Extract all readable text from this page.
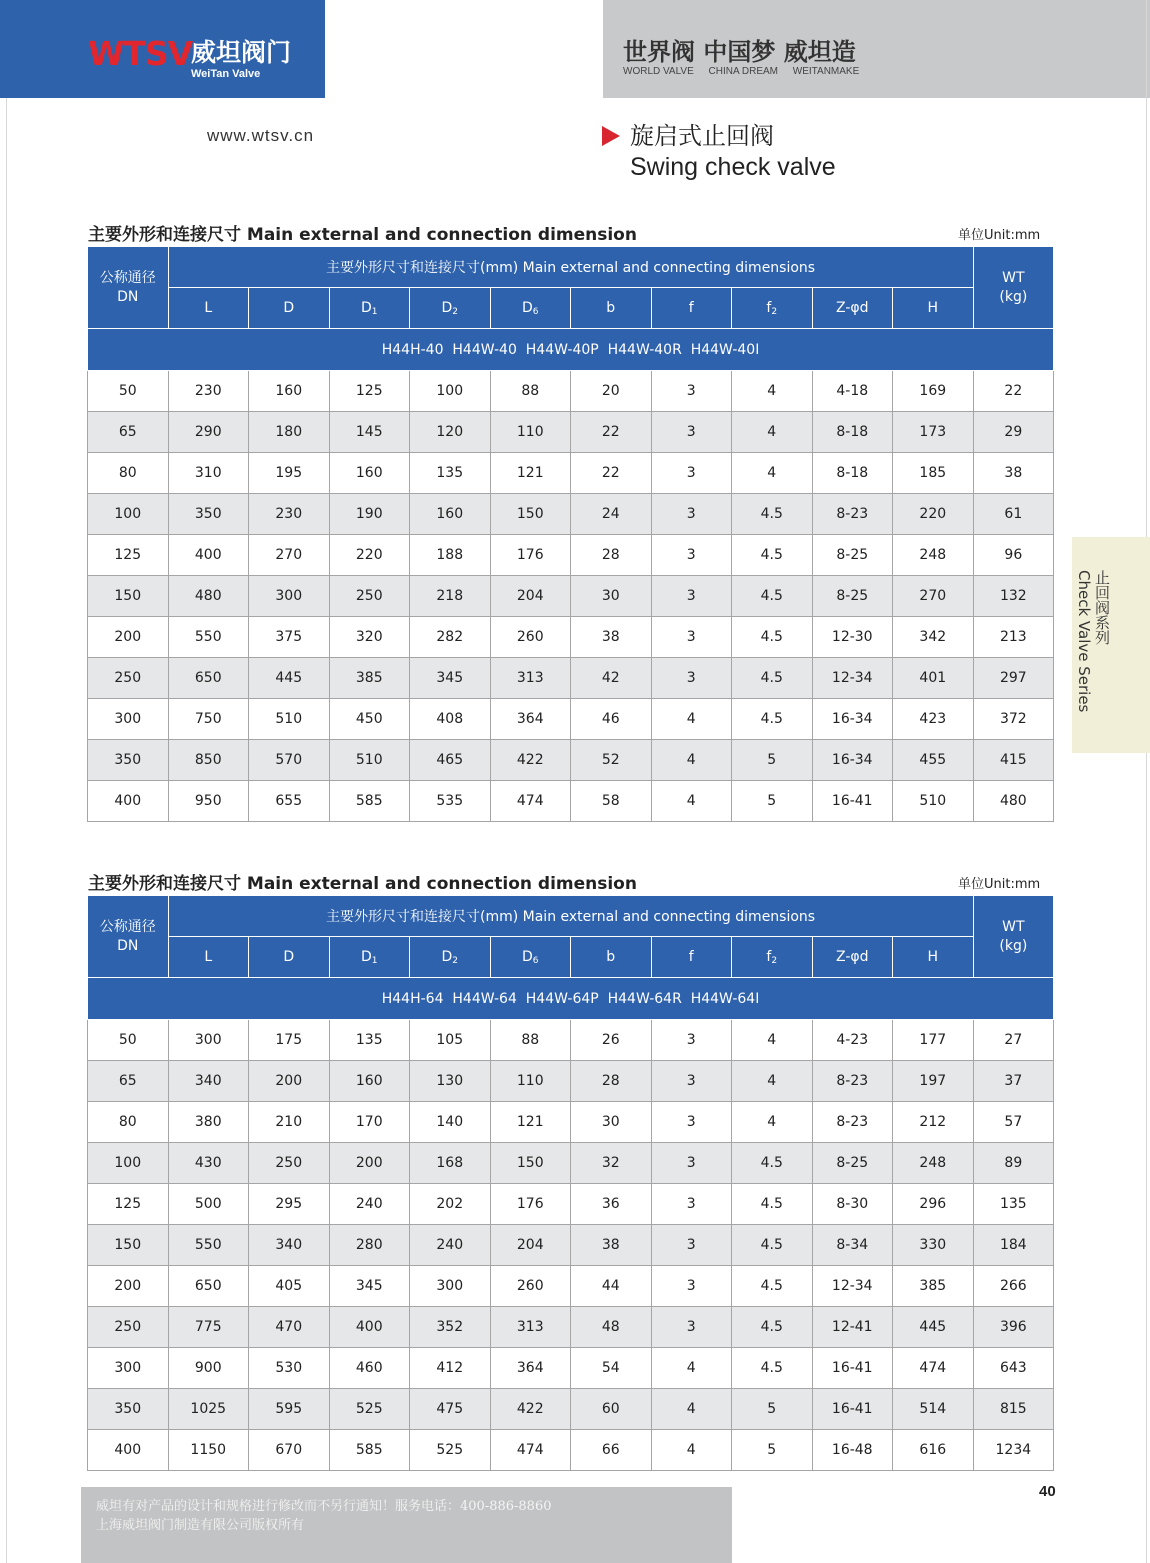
WTSV
威坦阀门
WeiTan Valve
世界阀 中国梦 威坦造
WORLD VALVE CHINA DREAM WEITANMAKE
www.wtsv.cn	旋启式止回阀
Swing check valve
止回阀系列
Check Valve Series
主要外形和连接尺寸 Main external and connection dimension	单位Unit:mm
公称通径
DN	主要外形尺寸和连接尺寸(mm) Main external and connecting dimensions										WT
(kg)
	L	D	D1	D2	D6	b	f	f2	Z-φd	H	
H44H-40  H44W-40  H44W-40P  H44W-40R  H44W-40I											
50	230	160	125	100	88	20	3	4	4-18	169	22
65	290	180	145	120	110	22	3	4	8-18	173	29
80	310	195	160	135	121	22	3	4	8-18	185	38
100	350	230	190	160	150	24	3	4.5	8-23	220	61
125	400	270	220	188	176	28	3	4.5	8-25	248	96
150	480	300	250	218	204	30	3	4.5	8-25	270	132
200	550	375	320	282	260	38	3	4.5	12-30	342	213
250	650	445	385	345	313	42	3	4.5	12-34	401	297
300	750	510	450	408	364	46	4	4.5	16-34	423	372
350	850	570	510	465	422	52	4	5	16-34	455	415
400	950	655	585	535	474	58	4	5	16-41	510	480
主要外形和连接尺寸 Main external and connection dimension	单位Unit:mm
公称通径
DN	主要外形尺寸和连接尺寸(mm) Main external and connecting dimensions										WT
(kg)
	L	D	D1	D2	D6	b	f	f2	Z-φd	H	
H44H-64  H44W-64  H44W-64P  H44W-64R  H44W-64I											
50	300	175	135	105	88	26	3	4	4-23	177	27
65	340	200	160	130	110	28	3	4	8-23	197	37
80	380	210	170	140	121	30	3	4	8-23	212	57
100	430	250	200	168	150	32	3	4.5	8-25	248	89
125	500	295	240	202	176	36	3	4.5	8-30	296	135
150	550	340	280	240	204	38	3	4.5	8-34	330	184
200	650	405	345	300	260	44	3	4.5	12-34	385	266
250	775	470	400	352	313	48	3	4.5	12-41	445	396
300	900	530	460	412	364	54	4	4.5	16-41	474	643
350	1025	595	525	475	422	60	4	5	16-41	514	815
400	1150	670	585	525	474	66	4	5	16-48	616	1234
威坦有对产品的设计和规格进行修改而不另行通知！服务电话：400-886-8860
上海威坦阀门制造有限公司版权所有
40
